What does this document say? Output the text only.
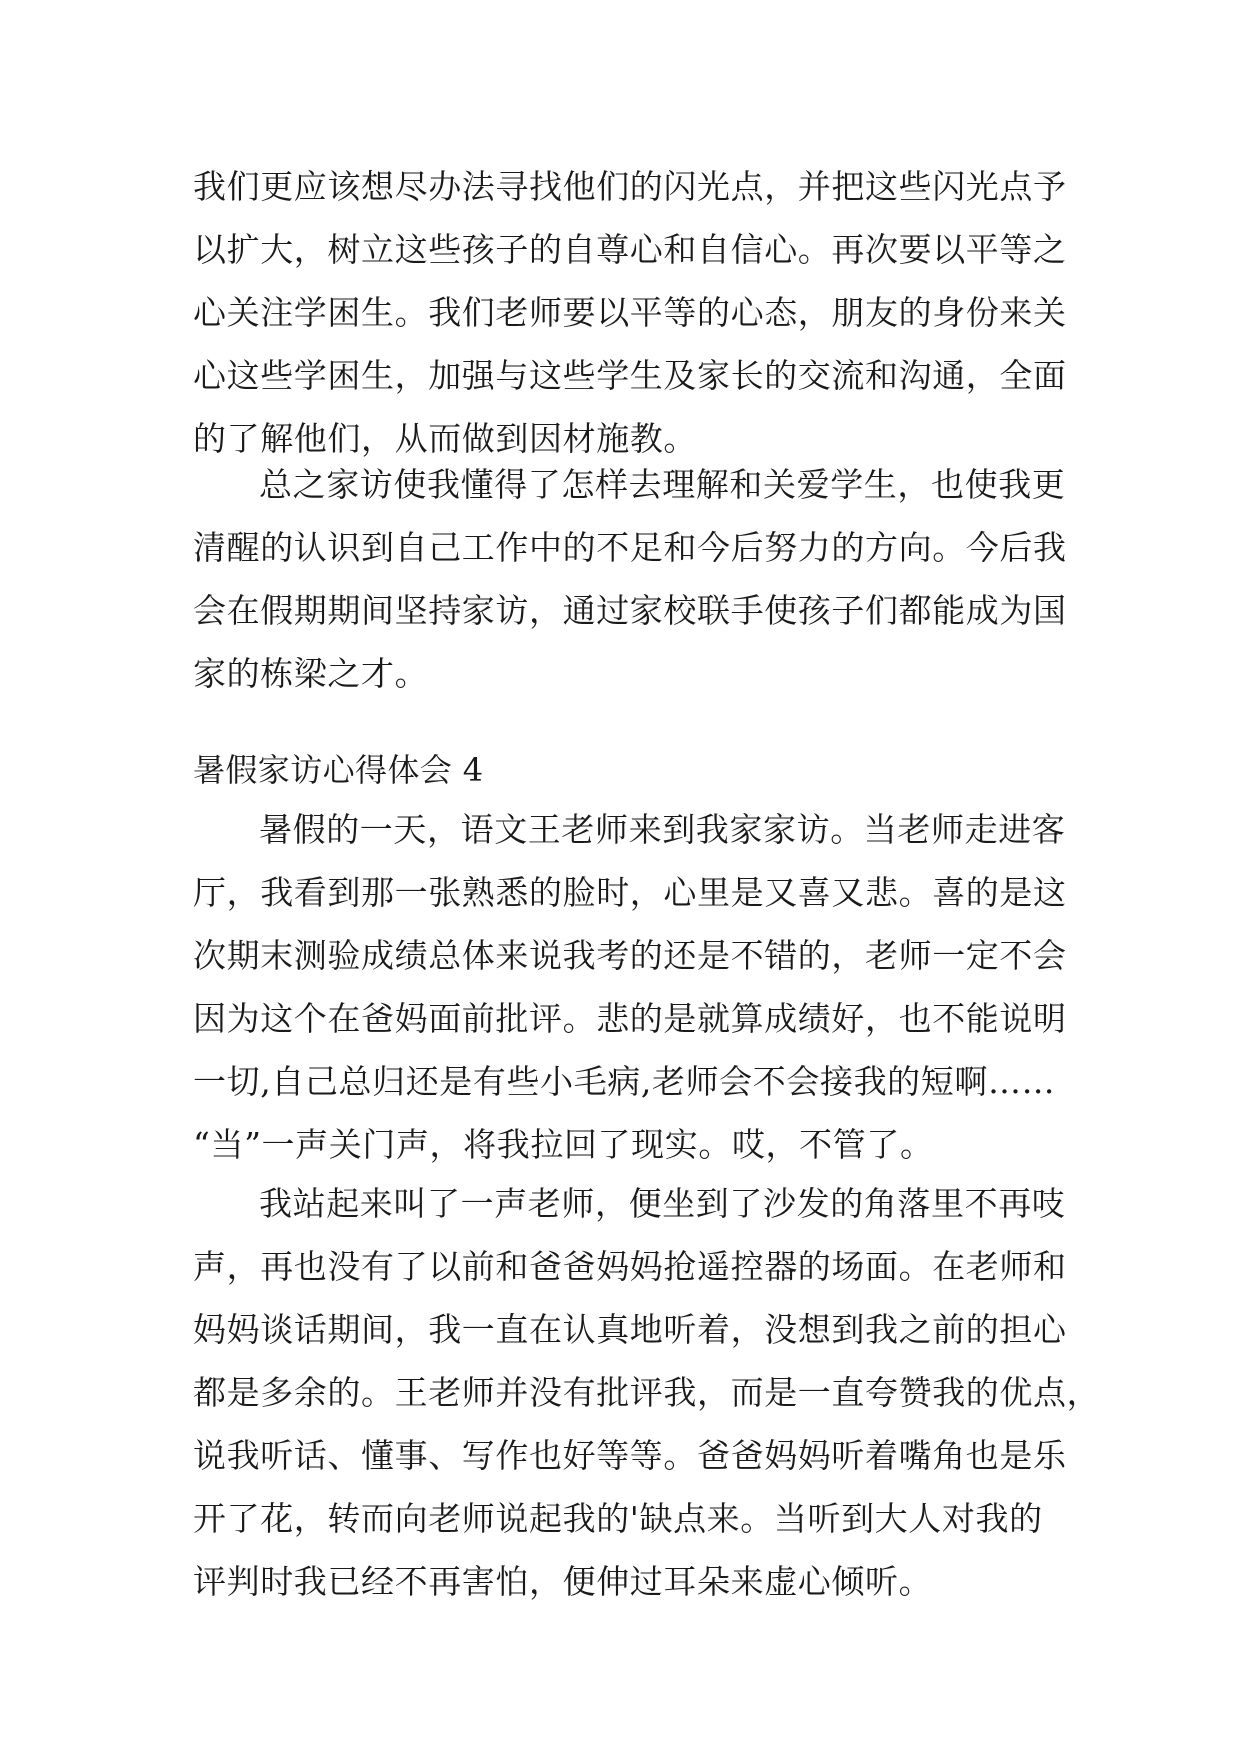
我们更应该想尽办法寻找他们的闪光点，并把这些闪光点予
以扩大，树立这些孩子的自尊心和自信心。再次要以平等之
心关注学困生。我们老师要以平等的心态，朋友的身份来关
心这些学困生，加强与这些学生及家长的交流和沟通，全面
的了解他们，从而做到因材施教。
总之家访使我懂得了怎样去理解和关爱学生，也使我更
清醒的认识到自己工作中的不足和今后努力的方向。今后我
会在假期期间坚持家访，通过家校联手使孩子们都能成为国
家的栋梁之才。
暑假家访心得体会 4
暑假的一天，语文王老师来到我家家访。当老师走进客
厅，我看到那一张熟悉的脸时，心里是又喜又悲。喜的是这
次期末测验成绩总体来说我考的还是不错的，老师一定不会
因为这个在爸妈面前批评。悲的是就算成绩好，也不能说明
一切,自己总归还是有些小毛病,老师会不会接我的短啊……
“当”一声关门声，将我拉回了现实。哎，不管了。
我站起来叫了一声老师，便坐到了沙发的角落里不再吱
声，再也没有了以前和爸爸妈妈抢遥控器的场面。在老师和
妈妈谈话期间，我一直在认真地听着，没想到我之前的担心
都是多余的。王老师并没有批评我，而是一直夸赞我的优点，
说我听话、懂事、写作也好等等。爸爸妈妈听着嘴角也是乐
开了花，转而向老师说起我的'缺点来。当听到大人对我的
评判时我已经不再害怕，便伸过耳朵来虚心倾听。
